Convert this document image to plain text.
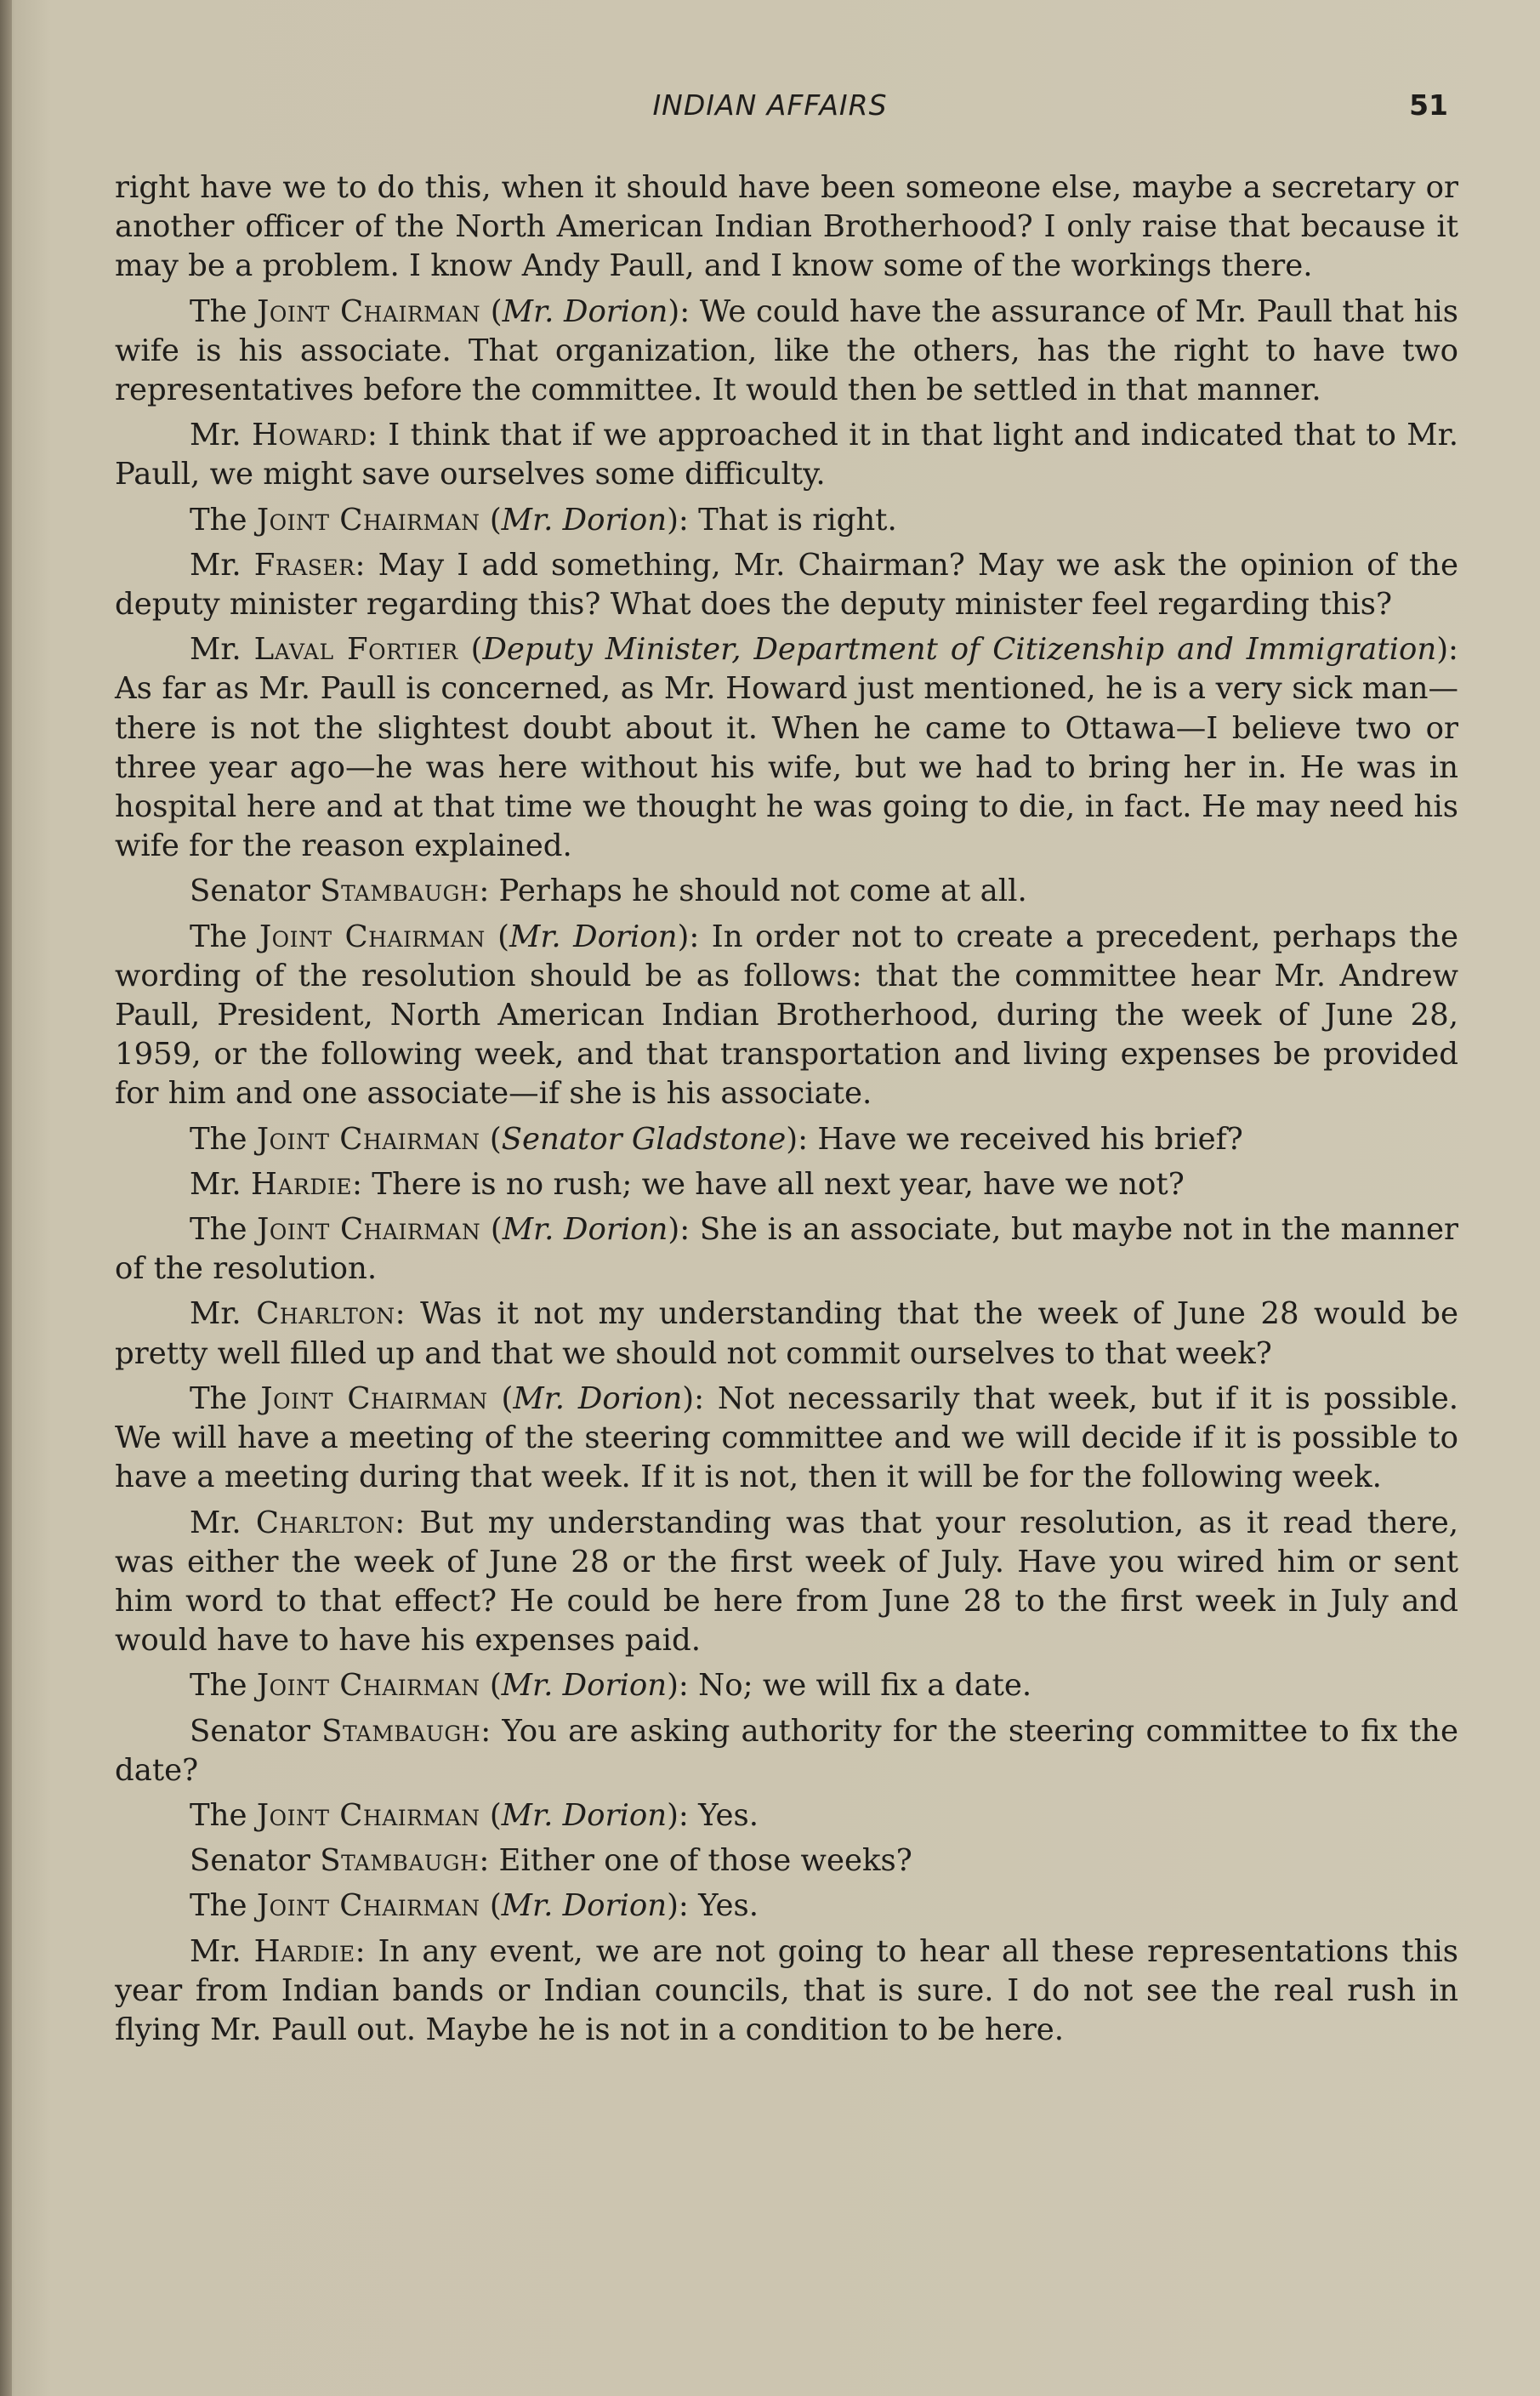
INDIAN AFFAIRS	51

right have we to do this, when it should have been someone else, maybe a secretary or another officer of the North American Indian Brotherhood? I only raise that because it may be a problem. I know Andy Paull, and I know some of the workings there.

The Joint Chairman (Mr. Dorion): We could have the assurance of Mr. Paull that his wife is his associate. That organization, like the others, has the right to have two representatives before the committee. It would then be settled in that manner.

Mr. Howard: I think that if we approached it in that light and indicated that to Mr. Paull, we might save ourselves some difficulty.

The Joint Chairman (Mr. Dorion): That is right.

Mr. Fraser: May I add something, Mr. Chairman? May we ask the opinion of the deputy minister regarding this? What does the deputy minister feel regarding this?

Mr. Laval Fortier (Deputy Minister, Department of Citizenship and Immigration): As far as Mr. Paull is concerned, as Mr. Howard just mentioned, he is a very sick man—there is not the slightest doubt about it. When he came to Ottawa—I believe two or three year ago—he was here without his wife, but we had to bring her in. He was in hospital here and at that time we thought he was going to die, in fact. He may need his wife for the reason explained.

Senator Stambaugh: Perhaps he should not come at all.

The Joint Chairman (Mr. Dorion): In order not to create a precedent, perhaps the wording of the resolution should be as follows: that the committee hear Mr. Andrew Paull, President, North American Indian Brotherhood, during the week of June 28, 1959, or the following week, and that transportation and living expenses be provided for him and one associate—if she is his associate.

The Joint Chairman (Senator Gladstone): Have we received his brief?

Mr. Hardie: There is no rush; we have all next year, have we not?

The Joint Chairman (Mr. Dorion): She is an associate, but maybe not in the manner of the resolution.

Mr. Charlton: Was it not my understanding that the week of June 28 would be pretty well filled up and that we should not commit ourselves to that week?

The Joint Chairman (Mr. Dorion): Not necessarily that week, but if it is possible. We will have a meeting of the steering committee and we will decide if it is possible to have a meeting during that week. If it is not, then it will be for the following week.

Mr. Charlton: But my understanding was that your resolution, as it read there, was either the week of June 28 or the first week of July. Have you wired him or sent him word to that effect? He could be here from June 28 to the first week in July and would have to have his expenses paid.

The Joint Chairman (Mr. Dorion): No; we will fix a date.

Senator Stambaugh: You are asking authority for the steering committee to fix the date?

The Joint Chairman (Mr. Dorion): Yes.

Senator Stambaugh: Either one of those weeks?

The Joint Chairman (Mr. Dorion): Yes.

Mr. Hardie: In any event, we are not going to hear all these representations this year from Indian bands or Indian councils, that is sure. I do not see the real rush in flying Mr. Paull out. Maybe he is not in a condition to be here.
